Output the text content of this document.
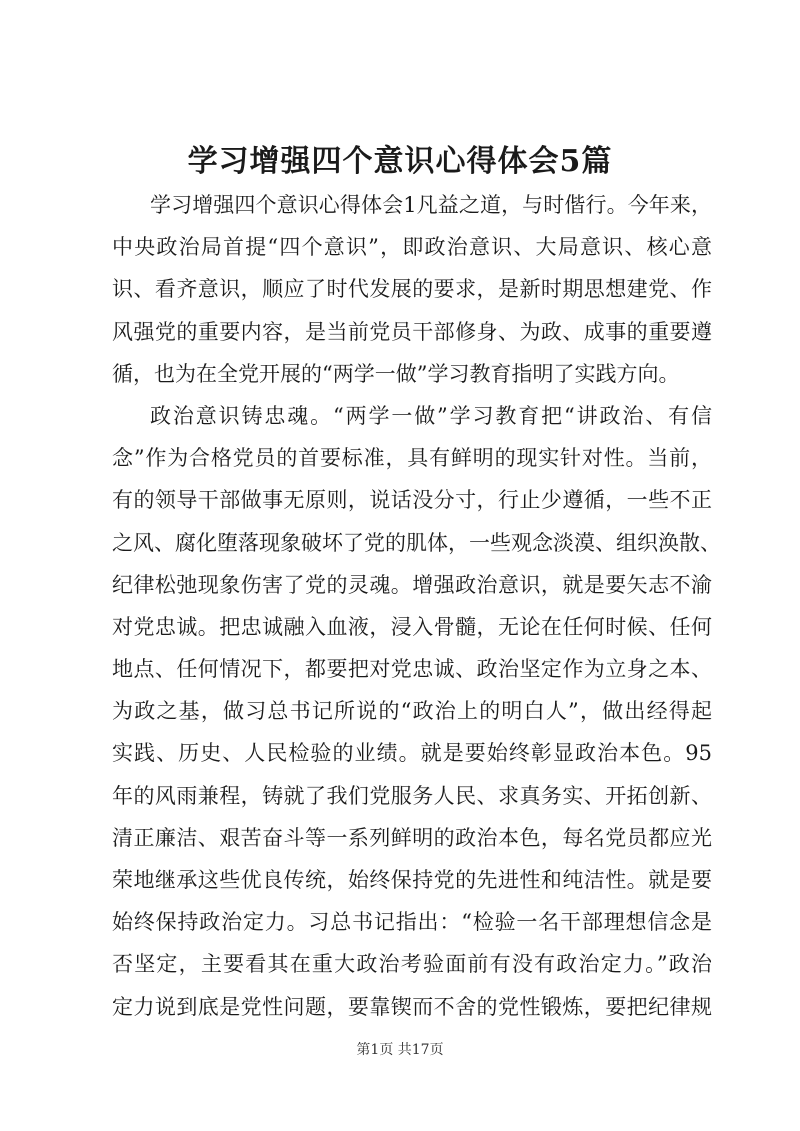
学习增强四个意识心得体会5篇
学习增强四个意识心得体会1凡益之道，与时偕行。今年来，
中央政治局首提“四个意识”，即政治意识、大局意识、核心意
识、看齐意识，顺应了时代发展的要求，是新时期思想建党、作
风强党的重要内容，是当前党员干部修身、为政、成事的重要遵
循，也为在全党开展的“两学一做”学习教育指明了实践方向。
政治意识铸忠魂。“两学一做”学习教育把“讲政治、有信
念”作为合格党员的首要标准，具有鲜明的现实针对性。当前，
有的领导干部做事无原则，说话没分寸，行止少遵循，一些不正
之风、腐化堕落现象破坏了党的肌体，一些观念淡漠、组织涣散、
纪律松弛现象伤害了党的灵魂。增强政治意识，就是要矢志不渝
对党忠诚。把忠诚融入血液，浸入骨髓，无论在任何时候、任何
地点、任何情况下，都要把对党忠诚、政治坚定作为立身之本、
为政之基，做习总书记所说的“政治上的明白人”，做出经得起
实践、历史、人民检验的业绩。就是要始终彰显政治本色。95
年的风雨兼程，铸就了我们党服务人民、求真务实、开拓创新、
清正廉洁、艰苦奋斗等一系列鲜明的政治本色，每名党员都应光
荣地继承这些优良传统，始终保持党的先进性和纯洁性。就是要
始终保持政治定力。习总书记指出：“检验一名干部理想信念是
否坚定，主要看其在重大政治考验面前有没有政治定力。”政治
定力说到底是党性问题，要靠锲而不舍的党性锻炼，要把纪律规
第1页 共17页
